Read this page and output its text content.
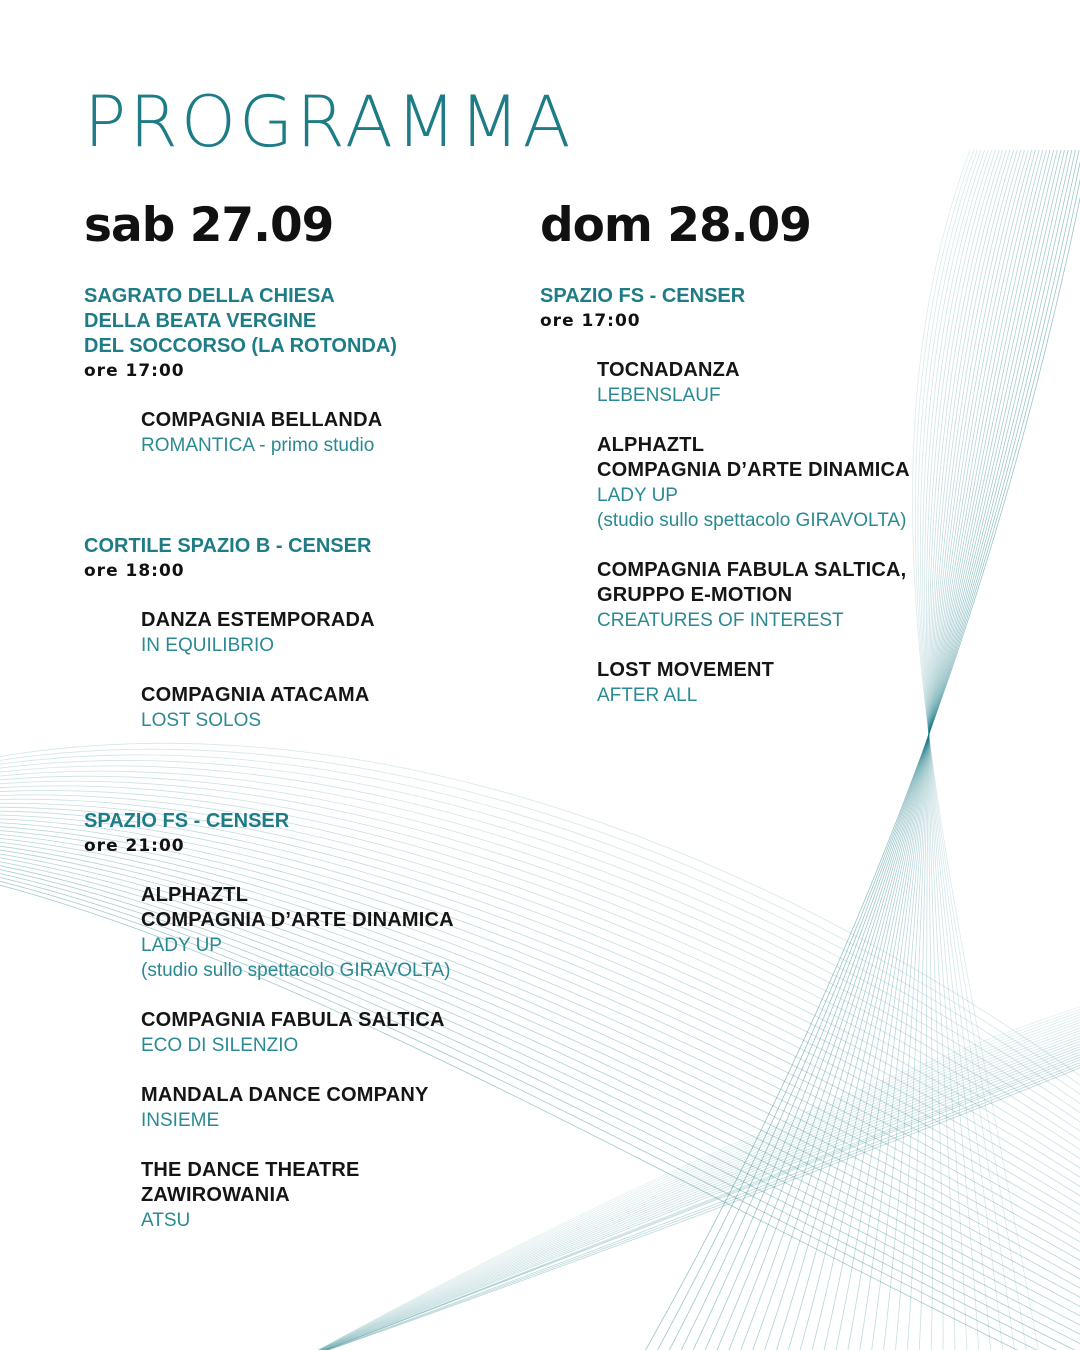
PROGRAMMA
sab 27.09
SAGRATO DELLA CHIESA
DELLA BEATA VERGINE
DEL SOCCORSO (LA ROTONDA)
ore 17:00
COMPAGNIA BELLANDA
ROMANTICA - primo studio
CORTILE SPAZIO B - CENSER
ore 18:00
DANZA ESTEMPORADA
IN EQUILIBRIO
COMPAGNIA ATACAMA
LOST SOLOS
SPAZIO FS - CENSER
ore 21:00
ALPHAZTL
COMPAGNIA D’ARTE DINAMICA
LADY UP
(studio sullo spettacolo GIRAVOLTA)
COMPAGNIA FABULA SALTICA
ECO DI SILENZIO
MANDALA DANCE COMPANY
INSIEME
THE DANCE THEATRE
ZAWIROWANIA
ATSU
dom 28.09
SPAZIO FS - CENSER
ore 17:00
TOCNADANZA
LEBENSLAUF
ALPHAZTL
COMPAGNIA D’ARTE DINAMICA
LADY UP
(studio sullo spettacolo GIRAVOLTA)
COMPAGNIA FABULA SALTICA,
GRUPPO E-MOTION
CREATURES OF INTEREST
LOST MOVEMENT
AFTER ALL
